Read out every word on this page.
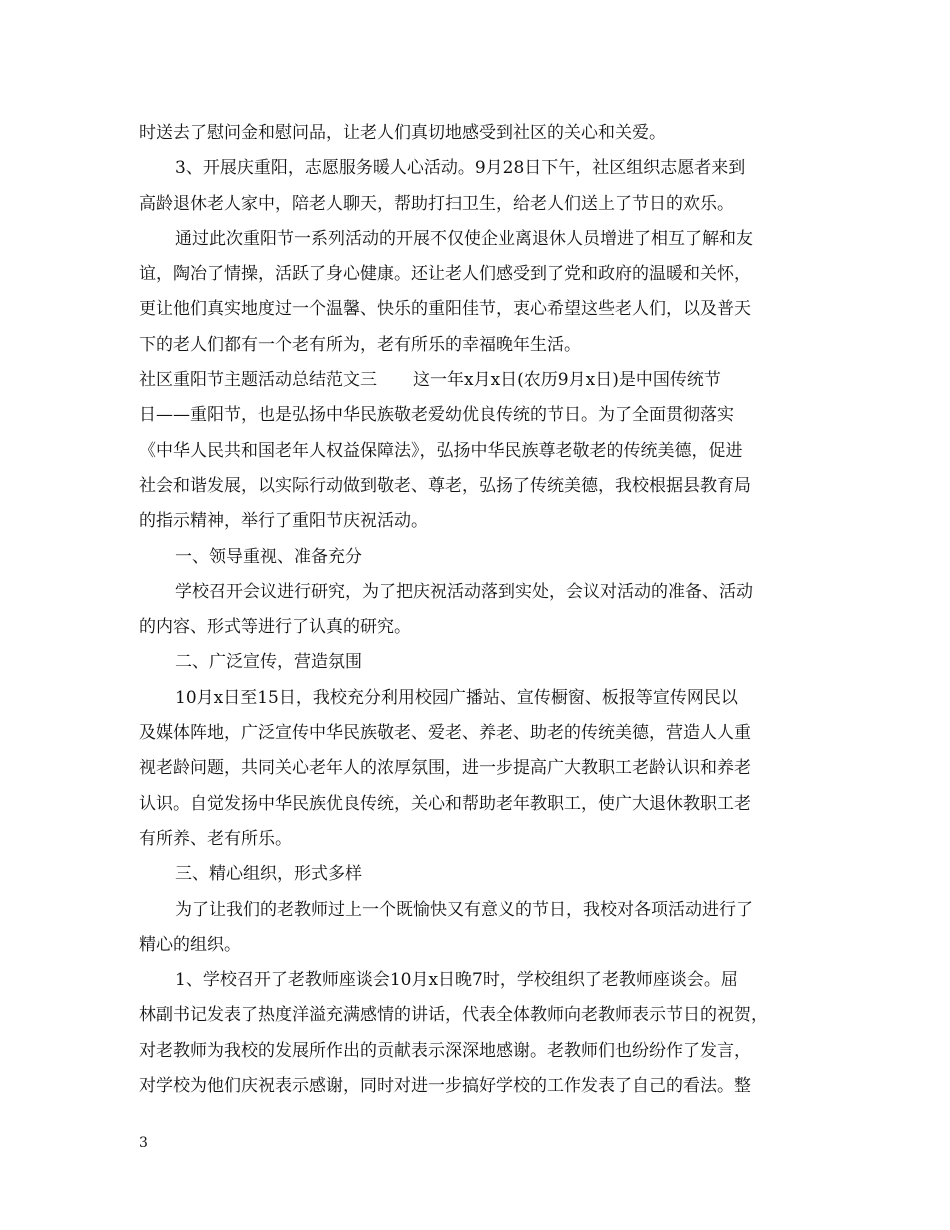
时送去了慰问金和慰问品，让老人们真切地感受到社区的关心和关爱。
3、开展庆重阳，志愿服务暖人心活动。9月28日下午，社区组织志愿者来到
高龄退休老人家中，陪老人聊天，帮助打扫卫生，给老人们送上了节日的欢乐。
通过此次重阳节一系列活动的开展不仅使企业离退休人员增进了相互了解和友
谊，陶冶了情操，活跃了身心健康。还让老人们感受到了党和政府的温暖和关怀，
更让他们真实地度过一个温馨、快乐的重阳佳节，衷心希望这些老人们，以及普天
下的老人们都有一个老有所为，老有所乐的幸福晚年生活。
社区重阳节主题活动总结范文三 这一年x月x日(农历9月x日)是中国传统节
日——重阳节，也是弘扬中华民族敬老爱幼优良传统的节日。为了全面贯彻落实
《中华人民共和国老年人权益保障法》，弘扬中华民族尊老敬老的传统美德，促进
社会和谐发展，以实际行动做到敬老、尊老，弘扬了传统美德，我校根据县教育局
的指示精神，举行了重阳节庆祝活动。
一、领导重视、准备充分
学校召开会议进行研究，为了把庆祝活动落到实处，会议对活动的准备、活动
的内容、形式等进行了认真的研究。
二、广泛宣传，营造氛围
10月x日至15日，我校充分利用校园广播站、宣传橱窗、板报等宣传网民以
及媒体阵地，广泛宣传中华民族敬老、爱老、养老、助老的传统美德，营造人人重
视老龄问题，共同关心老年人的浓厚氛围，进一步提高广大教职工老龄认识和养老
认识。自觉发扬中华民族优良传统，关心和帮助老年教职工，使广大退休教职工老
有所养、老有所乐。
三、精心组织，形式多样
为了让我们的老教师过上一个既愉快又有意义的节日，我校对各项活动进行了
精心的组织。
1、学校召开了老教师座谈会10月x日晚7时，学校组织了老教师座谈会。屈
林副书记发表了热度洋溢充满感情的讲话，代表全体教师向老教师表示节日的祝贺，
对老教师为我校的发展所作出的贡献表示深深地感谢。老教师们也纷纷作了发言，
对学校为他们庆祝表示感谢，同时对进一步搞好学校的工作发表了自己的看法。整
3
